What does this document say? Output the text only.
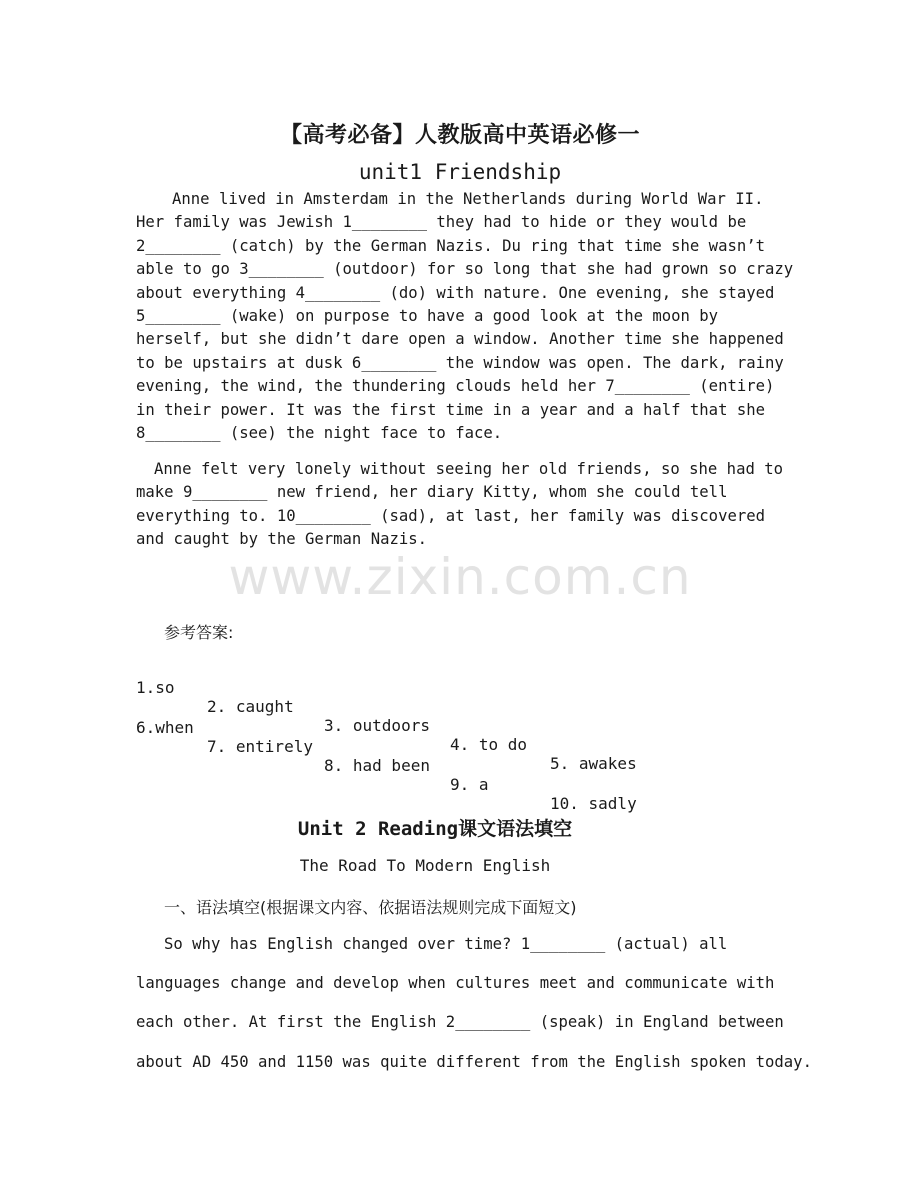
【高考必备】人教版高中英语必修一
unit1 Friendship

Anne lived in Amsterdam in the Netherlands during World War II. Her family was Jewish 1________ they had to hide or they would be 2________ (catch) by the German Nazis. Du ring that time she wasn’t able to go 3________ (outdoor) for so long that she had grown so crazy about everything 4________ (do) with nature. One evening, she stayed 5________ (wake) on purpose to have a good look at the moon by herself, but she didn’t dare open a window. Another time she happened to be upstairs at dusk 6________ the window was open. The dark, rainy evening, the wind, the thundering clouds held her 7________ (entire) in their power. It was the first time in a year and a half that she 8________ (see) the night face to face.

Anne felt very lonely without seeing her old friends, so she had to make 9________ new friend, her diary Kitty, whom she could tell everything to. 10________ (sad), at last, her family was discovered and caught by the German Nazis.

www.zixin.com.cn
参考答案:

1.so

2. caught

3. outdoors

4. to do

5. awakes

6.when

7. entirely

8. had been

9. a

10. sadly

Unit 2 Reading课文语法填空
The Road To Modern English
一、语法填空(根据课文内容、依据语法规则完成下面短文)
So why has English changed over time? 1________ (actual) all
languages change and develop when cultures meet and communicate with
each other. At first the English 2________ (speak) in England between
about AD 450 and 1150 was quite different from the English spoken today.
